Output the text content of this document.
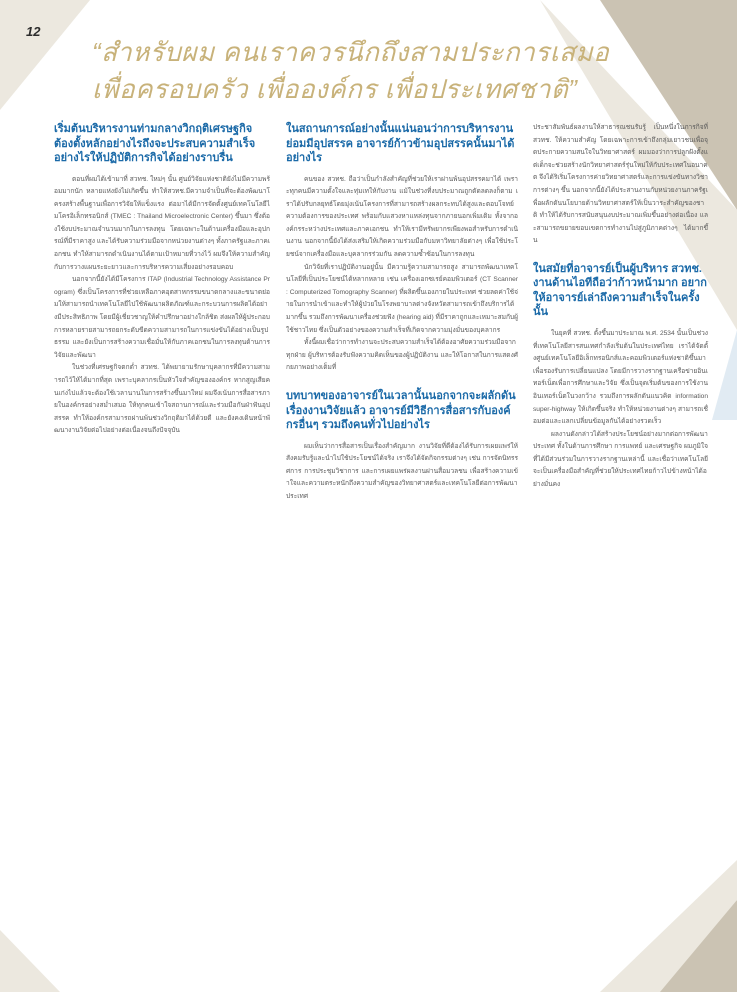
12
“สำหรับผม คนเราควรนึกถึงสามประการเสมอ
เพื่อครอบครัว เพื่อองค์กร เพื่อประเทศชาติ”
เริ่มต้นบริหารงานท่ามกลางวิกฤติเศรษฐกิจต้องตั้งหลักอย่างไรถึงจะประสบความสำเร็จอย่างไรให้ปฏิบัติการกิจได้อย่างราบรื่น

ตอนที่ผมได้เข้ามาที่ สวทช. ใหม่ๆ นั้น ศูนย์วิจัยแห่งชาติยังไม่มีความพร้อมมากนัก หลายแห่งยังไม่เกิดขึ้น ทำให้สวทช.มีความจำเป็นที่จะต้องพัฒนาโครงสร้างพื้นฐานเพื่อการวิจัยให้แข็งแรง ต่อมาได้มีการจัดตั้งศูนย์เทคโนโลยีไมโครอิเล็กทรอนิกส์ (TMEC : Thailand Microelectronic Center) ขึ้นมา ซึ่งต้องใช้งบประมาณจำนวนมากในการลงทุน โดยเฉพาะในด้านเครื่องมือและอุปกรณ์ที่มีราคาสูง และได้รับความร่วมมือจากหน่วยงานต่างๆ ทั้งภาครัฐและภาคเอกชน ทำให้สามารถดำเนินงานได้ตามเป้าหมายที่วางไว้ ผมจึงให้ความสำคัญกับการวางแผนระยะยาวและการบริหารความเสี่ยงอย่างรอบคอบ

นอกจากนี้ยังได้มีโครงการ ITAP (Industrial Technology Assistance Program) ซึ่งเป็นโครงการที่ช่วยเหลือภาคอุตสาหกรรมขนาดกลางและขนาดย่อมให้สามารถนำเทคโนโลยีไปใช้พัฒนาผลิตภัณฑ์และกระบวนการผลิตได้อย่างมีประสิทธิภาพ โดยมีผู้เชี่ยวชาญให้คำปรึกษาอย่างใกล้ชิด ส่งผลให้ผู้ประกอบการหลายรายสามารถยกระดับขีดความสามารถในการแข่งขันได้อย่างเป็นรูปธรรม และยังเป็นการสร้างความเชื่อมั่นให้กับภาคเอกชนในการลงทุนด้านการวิจัยและพัฒนา

ในช่วงที่เศรษฐกิจตกต่ำ สวทช. ได้พยายามรักษาบุคลากรที่มีความสามารถไว้ให้ได้มากที่สุด เพราะบุคลากรเป็นหัวใจสำคัญขององค์กร หากสูญเสียคนเก่งไปแล้วจะต้องใช้เวลานานในการสร้างขึ้นมาใหม่ ผมจึงเน้นการสื่อสารภายในองค์กรอย่างสม่ำเสมอ ให้ทุกคนเข้าใจสถานการณ์และร่วมมือกันฝ่าฟันอุปสรรค ทำให้องค์กรสามารถผ่านพ้นช่วงวิกฤติมาได้ด้วยดี และยังคงเดินหน้าพัฒนางานวิจัยต่อไปอย่างต่อเนื่องจนถึงปัจจุบัน

ในสถานการณ์อย่างนั้นแน่นอนว่าการบริหารงานย่อมมีอุปสรรค อาจารย์ก้าวข้ามอุปสรรคนั้นมาได้อย่างไร

คนของ สวทช. ถือว่าเป็นกำลังสำคัญที่ช่วยให้เราผ่านพ้นอุปสรรคมาได้ เพราะทุกคนมีความตั้งใจและทุ่มเทให้กับงาน แม้ในช่วงที่งบประมาณถูกตัดลดลงก็ตาม เราได้ปรับกลยุทธ์โดยมุ่งเน้นโครงการที่สามารถสร้างผลกระทบได้สูงและตอบโจทย์ความต้องการของประเทศ พร้อมกับแสวงหาแหล่งทุนจากภายนอกเพิ่มเติม ทั้งจากองค์กรระหว่างประเทศและภาคเอกชน ทำให้เรามีทรัพยากรเพียงพอสำหรับการดำเนินงาน นอกจากนี้ยังได้ส่งเสริมให้เกิดความร่วมมือกับมหาวิทยาลัยต่างๆ เพื่อใช้ประโยชน์จากเครื่องมือและบุคลากรร่วมกัน ลดความซ้ำซ้อนในการลงทุน

นักวิจัยที่เราปฏิบัติงานอยู่นั้น มีความรู้ความสามารถสูง สามารถพัฒนาเทคโนโลยีที่เป็นประโยชน์ได้หลากหลาย เช่น เครื่องเอกซเรย์คอมพิวเตอร์ (CT Scanner : Computerized Tomography Scanner) ที่ผลิตขึ้นเองภายในประเทศ ช่วยลดค่าใช้จ่ายในการนำเข้าและทำให้ผู้ป่วยในโรงพยาบาลต่างจังหวัดสามารถเข้าถึงบริการได้มากขึ้น รวมถึงการพัฒนาเครื่องช่วยฟัง (hearing aid) ที่มีราคาถูกและเหมาะสมกับผู้ใช้ชาวไทย ซึ่งเป็นตัวอย่างของความสำเร็จที่เกิดจากความมุ่งมั่นของบุคลากร

ทั้งนี้ผมเชื่อว่าการทำงานจะประสบความสำเร็จได้ต้องอาศัยความร่วมมือจากทุกฝ่าย ผู้บริหารต้องรับฟังความคิดเห็นของผู้ปฏิบัติงาน และให้โอกาสในการแสดงศักยภาพอย่างเต็มที่

บทบาทของอาจารย์ในเวลานั้นนอกจากจะผลักดันเรื่องงานวิจัยแล้ว อาจารย์มีวิธีการสื่อสารกับองค์กรอื่นๆ รวมถึงคนทั่วไปอย่างไร

ผมเห็นว่าการสื่อสารเป็นเรื่องสำคัญมาก งานวิจัยที่ดีต้องได้รับการเผยแพร่ให้สังคมรับรู้และนำไปใช้ประโยชน์ได้จริง เราจึงได้จัดกิจกรรมต่างๆ เช่น การจัดนิทรรศการ การประชุมวิชาการ และการเผยแพร่ผลงานผ่านสื่อมวลชน เพื่อสร้างความเข้าใจและความตระหนักถึงความสำคัญของวิทยาศาสตร์และเทคโนโลยีต่อการพัฒนาประเทศ

ประชาสัมพันธ์ผลงานให้สาธารณชนรับรู้ เป็นหนึ่งในภารกิจที่ สวทช. ให้ความสำคัญ โดยเฉพาะการเข้าถึงกลุ่มเยาวชนเพื่อจุดประกายความสนใจในวิทยาศาสตร์ ผมมองว่าการปลูกฝังตั้งแต่เด็กจะช่วยสร้างนักวิทยาศาสตร์รุ่นใหม่ให้กับประเทศในอนาคต จึงได้ริเริ่มโครงการค่ายวิทยาศาสตร์และการแข่งขันทางวิชาการต่างๆ ขึ้น นอกจากนี้ยังได้ประสานงานกับหน่วยงานภาครัฐเพื่อผลักดันนโยบายด้านวิทยาศาสตร์ให้เป็นวาระสำคัญของชาติ ทำให้ได้รับการสนับสนุนงบประมาณเพิ่มขึ้นอย่างต่อเนื่อง และสามารถขยายขอบเขตการทำงานไปสู่ภูมิภาคต่างๆ ได้มากขึ้น

ในสมัยที่อาจารย์เป็นผู้บริหาร สวทช. งานด้านไอทีถือว่าก้าวหน้ามาก อยากให้อาจารย์เล่าถึงความสำเร็จในครั้งนั้น

ในยุคที่ สวทช. ตั้งขึ้นมาประมาณ พ.ศ. 2534 นั้นเป็นช่วงที่เทคโนโลยีสารสนเทศกำลังเริ่มต้นในประเทศไทย เราได้จัดตั้งศูนย์เทคโนโลยีอิเล็กทรอนิกส์และคอมพิวเตอร์แห่งชาติขึ้นมาเพื่อรองรับการเปลี่ยนแปลง โดยมีการวางรากฐานเครือข่ายอินเทอร์เน็ตเพื่อการศึกษาและวิจัย ซึ่งเป็นจุดเริ่มต้นของการใช้งานอินเทอร์เน็ตในวงกว้าง รวมถึงการผลักดันแนวคิด information super-highway ให้เกิดขึ้นจริง ทำให้หน่วยงานต่างๆ สามารถเชื่อมต่อและแลกเปลี่ยนข้อมูลกันได้อย่างรวดเร็ว

ผลงานดังกล่าวได้สร้างประโยชน์อย่างมากต่อการพัฒนาประเทศ ทั้งในด้านการศึกษา การแพทย์ และเศรษฐกิจ ผมภูมิใจที่ได้มีส่วนร่วมในการวางรากฐานเหล่านี้ และเชื่อว่าเทคโนโลยีจะเป็นเครื่องมือสำคัญที่ช่วยให้ประเทศไทยก้าวไปข้างหน้าได้อย่างมั่นคง
